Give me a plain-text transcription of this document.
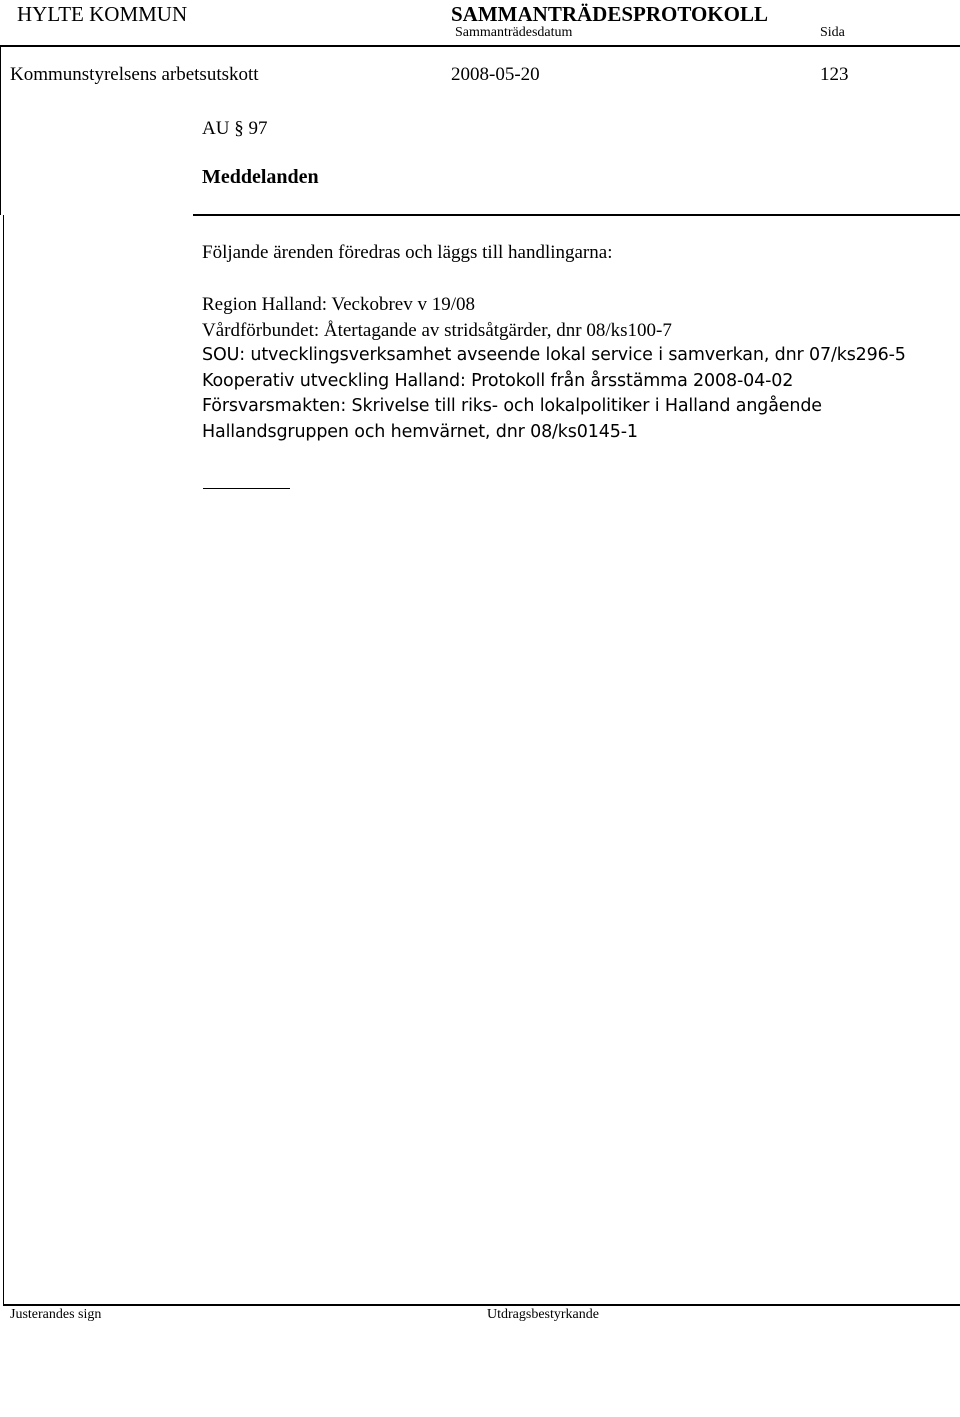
HYLTE KOMMUN	SAMMANTRÄDESPROTOKOLL
Sammanträdesdatum	Sida
Kommunstyrelsens arbetsutskott	2008-05-20	123
AU § 97
Meddelanden
Följande ärenden föredras och läggs till handlingarna:
Region Halland: Veckobrev v 19/08
Vårdförbundet: Återtagande av stridsåtgärder, dnr 08/ks100-7
SOU: utvecklingsverksamhet avseende lokal service i samverkan, dnr 07/ks296-5
Kooperativ utveckling Halland: Protokoll från årsstämma 2008-04-02
Försvarsmakten: Skrivelse till riks- och lokalpolitiker i Halland angående
Hallandsgruppen och hemvärnet, dnr 08/ks0145-1
Justerandes sign	Utdragsbestyrkande
